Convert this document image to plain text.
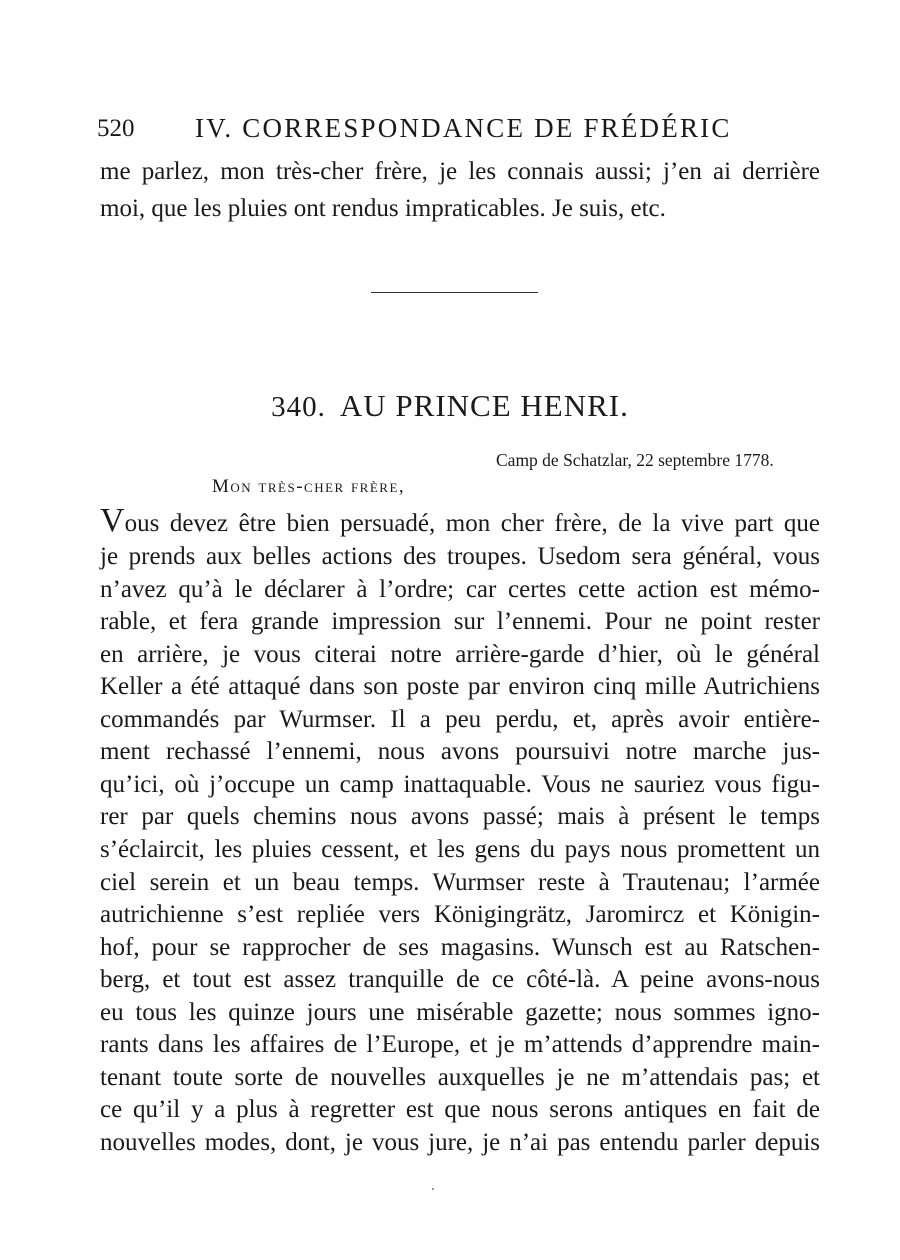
520 IV. CORRESPONDANCE DE FRÉDÉRIC
me parlez, mon très-cher frère, je les connais aussi; j’en ai derrière
moi, que les pluies ont rendus impraticables. Je suis, etc.
340. AU PRINCE HENRI.
Camp de Schatzlar, 22 septembre 1778.
Mon très-cher frère,
Vous devez être bien persuadé, mon cher frère, de la vive part que
je prends aux belles actions des troupes. Usedom sera général, vous
n’avez qu’à le déclarer à l’ordre; car certes cette action est mémo-
rable, et fera grande impression sur l’ennemi. Pour ne point rester
en arrière, je vous citerai notre arrière-garde d’hier, où le général
Keller a été attaqué dans son poste par environ cinq mille Autrichiens
commandés par Wurmser. Il a peu perdu, et, après avoir entière-
ment rechassé l’ennemi, nous avons poursuivi notre marche jus-
qu’ici, où j’occupe un camp inattaquable. Vous ne sauriez vous figu-
rer par quels chemins nous avons passé; mais à présent le temps
s’éclaircit, les pluies cessent, et les gens du pays nous promettent un
ciel serein et un beau temps. Wurmser reste à Trautenau; l’armée
autrichienne s’est repliée vers Königingrätz, Jaromircz et Königin-
hof, pour se rapprocher de ses magasins. Wunsch est au Ratschen-
berg, et tout est assez tranquille de ce côté-là. A peine avons-nous
eu tous les quinze jours une misérable gazette; nous sommes igno-
rants dans les affaires de l’Europe, et je m’attends d’apprendre main-
tenant toute sorte de nouvelles auxquelles je ne m’attendais pas; et
ce qu’il y a plus à regretter est que nous serons antiques en fait de
nouvelles modes, dont, je vous jure, je n’ai pas entendu parler depuis
